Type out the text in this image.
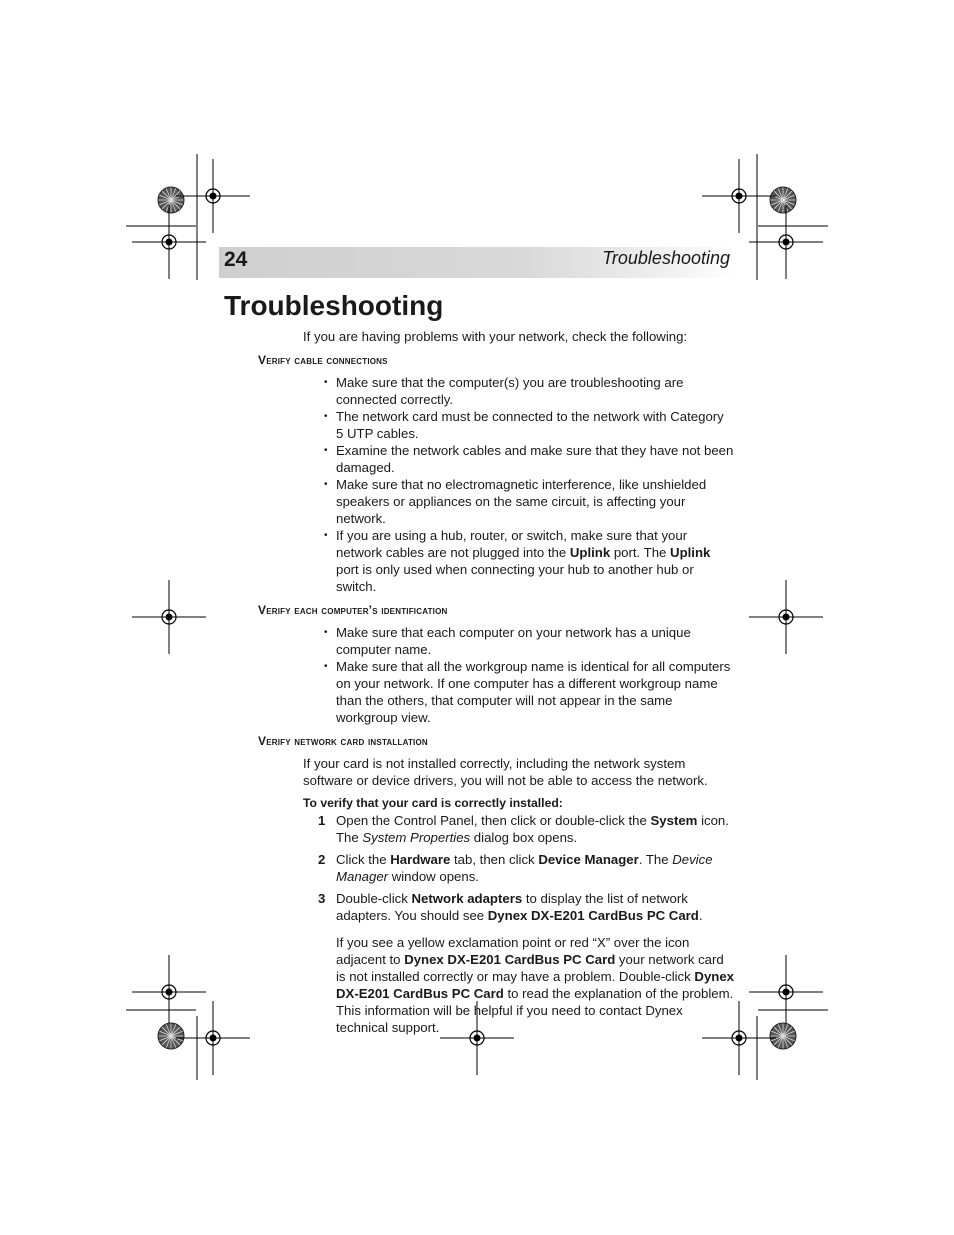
24	Troubleshooting
Troubleshooting

If you are having problems with your network, check the following:

Verify cable connections
• Make sure that the computer(s) you are troubleshooting are connected correctly.
• The network card must be connected to the network with Category 5 UTP cables.
• Examine the network cables and make sure that they have not been damaged.
• Make sure that no electromagnetic interference, like unshielded speakers or appliances on the same circuit, is affecting your network.
• If you are using a hub, router, or switch, make sure that your network cables are not plugged into the Uplink port. The Uplink port is only used when connecting your hub to another hub or switch.
Verify each computer’s identification
• Make sure that each computer on your network has a unique computer name.
• Make sure that all the workgroup name is identical for all computers on your network. If one computer has a different workgroup name than the others, that computer will not appear in the same workgroup view.
Verify network card installation

If your card is not installed correctly, including the network system software or device drivers, you will not be able to access the network.

To verify that your card is correctly installed:
1 Open the Control Panel, then click or double-click the System icon. The System Properties dialog box opens.
2 Click the Hardware tab, then click Device Manager. The Device Manager window opens.
3 Double-click Network adapters to display the list of network adapters. You should see Dynex DX-E201 CardBus PC Card.

If you see a yellow exclamation point or red “X” over the icon adjacent to Dynex DX-E201 CardBus PC Card your network card is not installed correctly or may have a problem. Double-click Dynex DX-E201 CardBus PC Card to read the explanation of the problem. This information will be helpful if you need to contact Dynex technical support.
